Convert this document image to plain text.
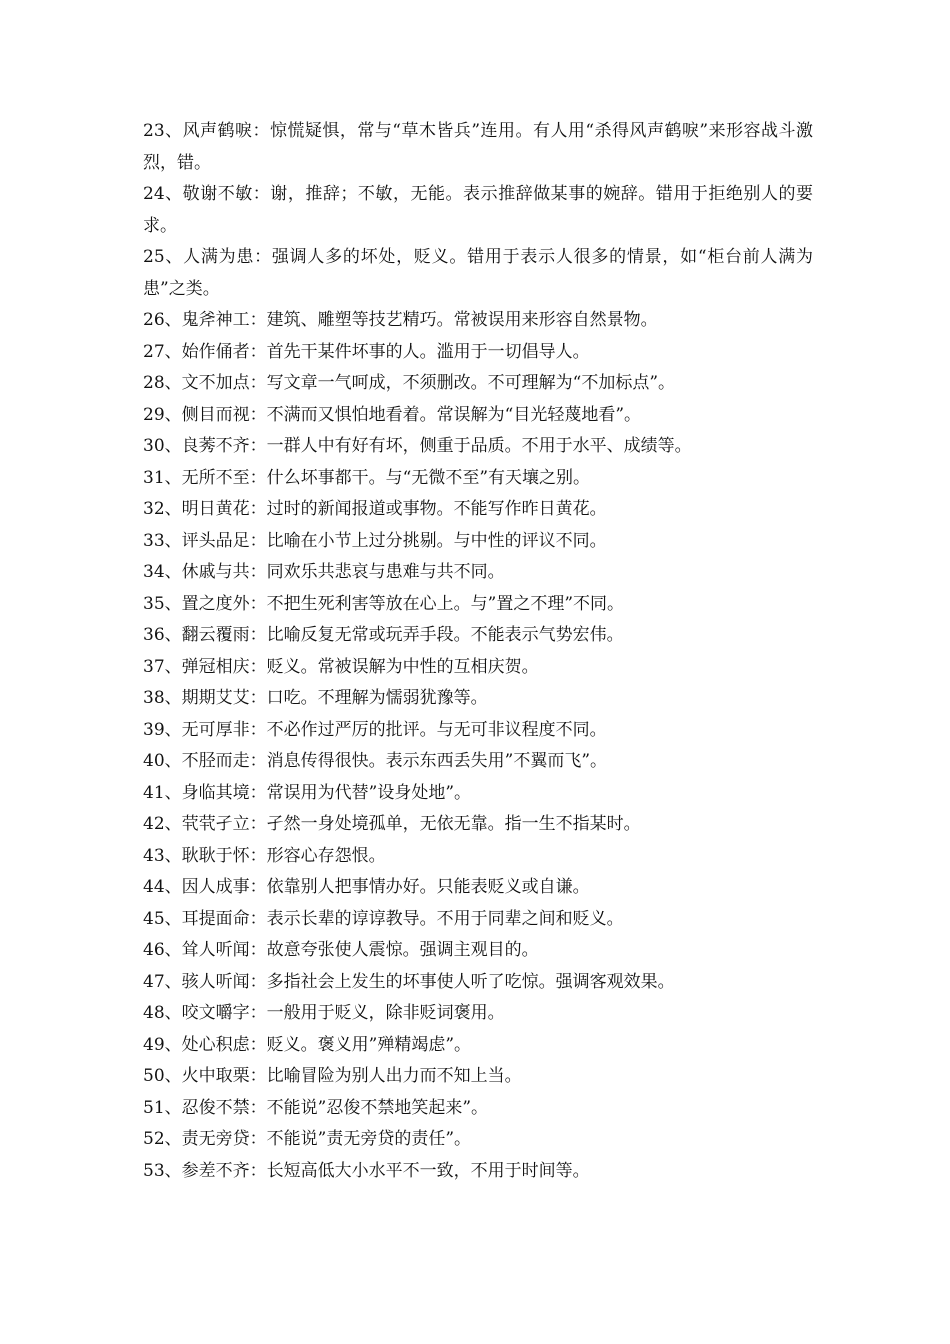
23、风声鹤唳：惊慌疑惧，常与“草木皆兵”连用。有人用“杀得风声鹤唳”来形容战斗激烈，错。

24、敬谢不敏：谢，推辞；不敏，无能。表示推辞做某事的婉辞。错用于拒绝别人的要求。

25、人满为患：强调人多的坏处，贬义。错用于表示人很多的情景，如“柜台前人满为患”之类。

26、鬼斧神工：建筑、雕塑等技艺精巧。常被误用来形容自然景物。

27、始作俑者：首先干某件坏事的人。滥用于一切倡导人。

28、文不加点：写文章一气呵成，不须删改。不可理解为“不加标点”。

29、侧目而视：不满而又惧怕地看着。常误解为“目光轻蔑地看”。

30、良莠不齐：一群人中有好有坏，侧重于品质。不用于水平、成绩等。

31、无所不至：什么坏事都干。与“无微不至”有天壤之别。

32、明日黄花：过时的新闻报道或事物。不能写作昨日黄花。

33、评头品足：比喻在小节上过分挑剔。与中性的评议不同。

34、休戚与共：同欢乐共悲哀与患难与共不同。

35、置之度外：不把生死利害等放在心上。与”置之不理”不同。

36、翻云覆雨：比喻反复无常或玩弄手段。不能表示气势宏伟。

37、弹冠相庆：贬义。常被误解为中性的互相庆贺。

38、期期艾艾：口吃。不理解为懦弱犹豫等。

39、无可厚非：不必作过严厉的批评。与无可非议程度不同。

40、不胫而走：消息传得很快。表示东西丢失用”不翼而飞”。

41、身临其境：常误用为代替”设身处地”。

42、茕茕孑立：孑然一身处境孤单，无依无靠。指一生不指某时。

43、耿耿于怀：形容心存怨恨。

44、因人成事：依靠别人把事情办好。只能表贬义或自谦。

45、耳提面命：表示长辈的谆谆教导。不用于同辈之间和贬义。

46、耸人听闻：故意夸张使人震惊。强调主观目的。

47、骇人听闻：多指社会上发生的坏事使人听了吃惊。强调客观效果。

48、咬文嚼字：一般用于贬义，除非贬词褒用。

49、处心积虑：贬义。褒义用”殚精竭虑”。

50、火中取栗：比喻冒险为别人出力而不知上当。

51、忍俊不禁：不能说”忍俊不禁地笑起来”。

52、责无旁贷：不能说”责无旁贷的责任”。

53、参差不齐：长短高低大小水平不一致，不用于时间等。
